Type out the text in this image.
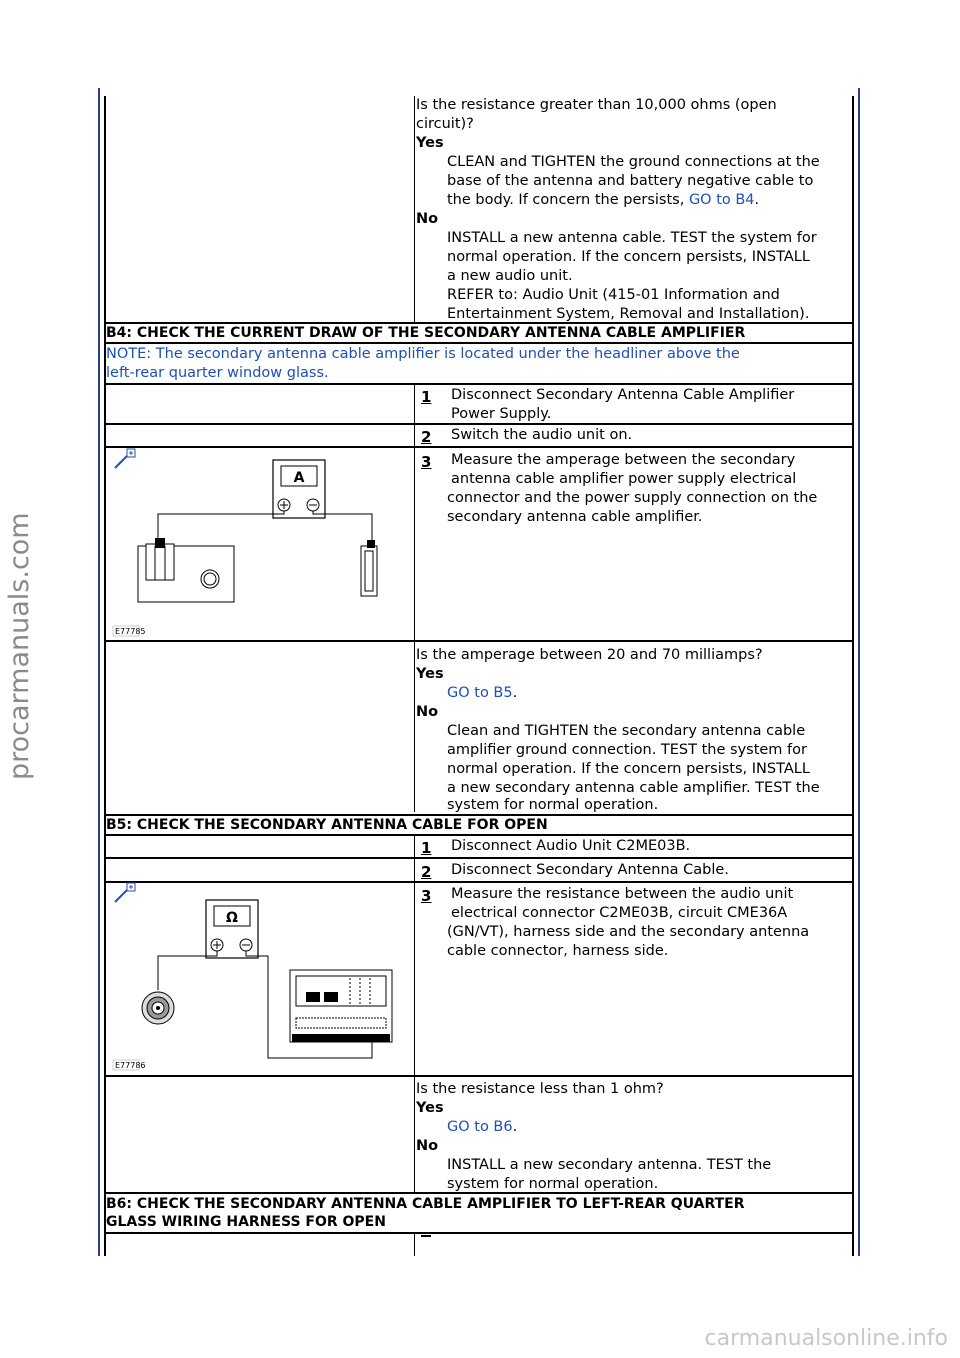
procarmanuals.com
carmanualsonline.info
Is the resistance greater than 10,000 ohms (open
circuit)?
Yes
CLEAN and TIGHTEN the ground connections at the
base of the antenna and battery negative cable to
the body. If concern the persists, GO to B4.
No
INSTALL a new antenna cable. TEST the system for
normal operation. If the concern persists, INSTALL
a new audio unit.
REFER to: Audio Unit (415-01 Information and
Entertainment System, Removal and Installation).
B4: CHECK THE CURRENT DRAW OF THE SECONDARY ANTENNA CABLE AMPLIFIER
NOTE: The secondary antenna cable amplifier is located under the headliner above the
left-rear quarter window glass.
1 Disconnect Secondary Antenna Cable Amplifier
Power Supply.
2 Switch the audio unit on.
3 Measure the amperage between the secondary
antenna cable amplifier power supply electrical
connector and the power supply connection on the
secondary antenna cable amplifier.
A
E77785
Is the amperage between 20 and 70 milliamps?
Yes
GO to B5.
No
Clean and TIGHTEN the secondary antenna cable
amplifier ground connection. TEST the system for
normal operation. If the concern persists, INSTALL
a new secondary antenna cable amplifier. TEST the
system for normal operation.
B5: CHECK THE SECONDARY ANTENNA CABLE FOR OPEN
1 Disconnect Audio Unit C2ME03B.
2 Disconnect Secondary Antenna Cable.
3 Measure the resistance between the audio unit
electrical connector C2ME03B, circuit CME36A
(GN/VT), harness side and the secondary antenna
cable connector, harness side.
Ω
E77786
Is the resistance less than 1 ohm?
Yes
GO to B6.
No
INSTALL a new secondary antenna. TEST the
system for normal operation.
B6: CHECK THE SECONDARY ANTENNA CABLE AMPLIFIER TO LEFT-REAR QUARTER
GLASS WIRING HARNESS FOR OPEN
